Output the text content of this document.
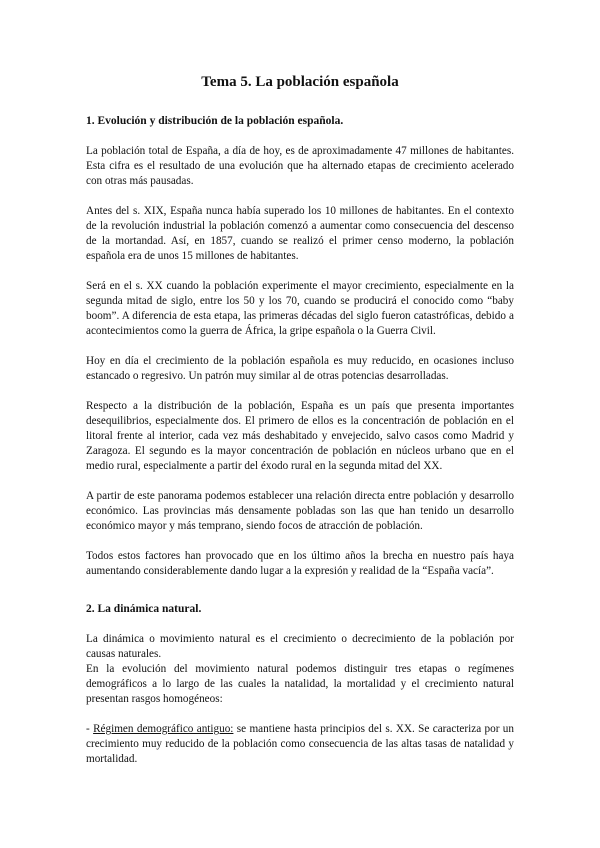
Tema 5. La población española
1. Evolución y distribución de la población española.

La población total de España, a día de hoy, es de aproximadamente 47 millones de habitantes. Esta cifra es el resultado de una evolución que ha alternado etapas de crecimiento acelerado con otras más pausadas.

Antes del s. XIX, España nunca había superado los 10 millones de habitantes. En el contexto de la revolución industrial la población comenzó a aumentar como consecuencia del descenso de la mortandad. Así, en 1857, cuando se realizó el primer censo moderno, la población española era de unos 15 millones de habitantes.

Será en el s. XX cuando la población experimente el mayor crecimiento, especialmente en la segunda mitad de siglo, entre los 50 y los 70, cuando se producirá el conocido como “baby boom”. A diferencia de esta etapa, las primeras décadas del siglo fueron catastróficas, debido a acontecimientos como la guerra de África, la gripe española o la Guerra Civil.

Hoy en día el crecimiento de la población española es muy reducido, en ocasiones incluso estancado o regresivo. Un patrón muy similar al de otras potencias desarrolladas.

Respecto a la distribución de la población, España es un país que presenta importantes desequilibrios, especialmente dos. El primero de ellos es la concentración de población en el litoral frente al interior, cada vez más deshabitado y envejecido, salvo casos como Madrid y Zaragoza. El segundo es la mayor concentración de población en núcleos urbano que en el medio rural, especialmente a partir del éxodo rural en la segunda mitad del XX.

A partir de este panorama podemos establecer una relación directa entre población y desarrollo económico. Las provincias más densamente pobladas son las que han tenido un desarrollo económico mayor y más temprano, siendo focos de atracción de población.

Todos estos factores han provocado que en los último años la brecha en nuestro país haya aumentando considerablemente dando lugar a la expresión y realidad de la “España vacía”.

2. La dinámica natural.

La dinámica o movimiento natural es el crecimiento o decrecimiento de la población por causas naturales.

En la evolución del movimiento natural podemos distinguir tres etapas o regímenes demográficos a lo largo de las cuales la natalidad, la mortalidad y el crecimiento natural presentan rasgos homogéneos:

- Régimen demográfico antiguo: se mantiene hasta principios del s. XX. Se caracteriza por un crecimiento muy reducido de la población como consecuencia de las altas tasas de natalidad y mortalidad.
